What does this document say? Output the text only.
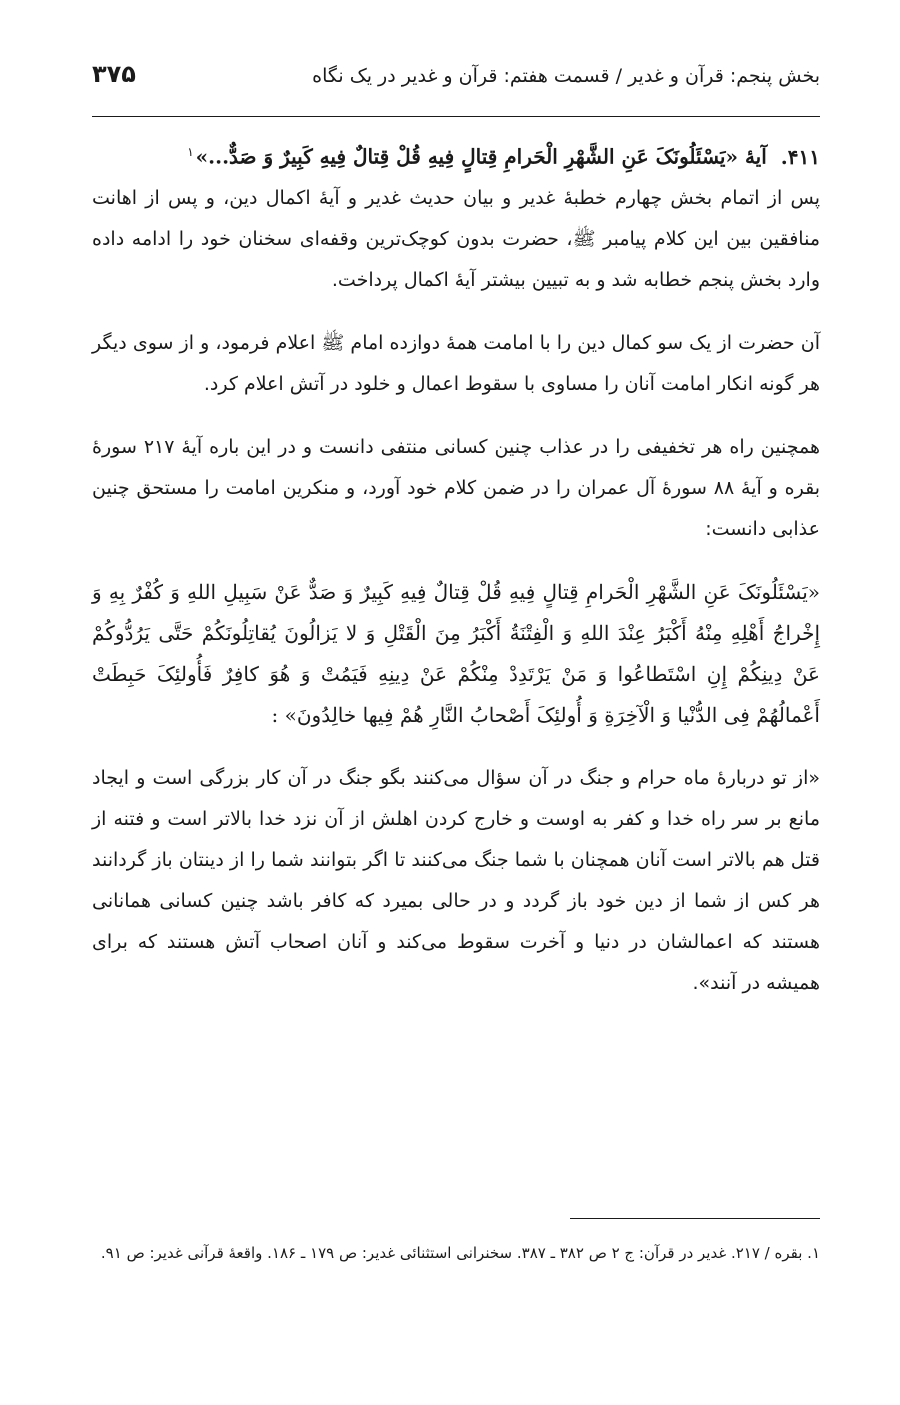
بخش پنجم: قرآن و غدیر / قسمت هفتم: قرآن و غدیر در یک نگاه
۳۷۵
۴۱۱.آیۀ «یَسْئَلُونَکَ عَنِ الشَّهْرِ الْحَرامِ قِتالٍ فِیهِ قُلْ قِتالٌ فِیهِ کَبِیرٌ وَ صَدٌّ...»$^۱$

پس از اتمام بخش چهارم خطبۀ غدیر و بیان حدیث غدیر و آیۀ اکمال دین، و پس از اهانت منافقین بین این کلام پیامبر ﷺ، حضرت بدون کوچک‌ترین وقفه‌ای سخنان خود را ادامه داده وارد بخش پنجم خطابه شد و به تبیین بیشتر آیۀ اکمال پرداخت.

آن حضرت از یک سو کمال دین را با امامت همۀ دوازده امام ﷺ اعلام فرمود، و از سوی دیگر هر گونه انکار امامت آنان را مساوی با سقوط اعمال و خلود در آتش اعلام کرد.

همچنین راه هر تخفیفی را در عذاب چنین کسانی منتفی دانست و در این باره آیۀ ۲۱۷ سورۀ بقره و آیۀ ۸۸ سورۀ آل عمران را در ضمن کلام خود آورد، و منکرین امامت را مستحق چنین عذابی دانست:

«یَسْئَلُونَکَ عَنِ الشَّهْرِ الْحَرامِ قِتالٍ فِیهِ قُلْ قِتالٌ فِیهِ کَبِیرٌ وَ صَدٌّ عَنْ سَبِیلِ اللهِ وَ کُفْرٌ بِهِ وَ إِخْراجُ أَهْلِهِ مِنْهُ أَکْبَرُ عِنْدَ اللهِ وَ الْفِتْنَةُ أَکْبَرُ مِنَ الْقَتْلِ وَ لا یَزالُونَ یُقاتِلُونَکُمْ حَتَّى یَرُدُّوکُمْ عَنْ دِینِکُمْ إِنِ اسْتَطاعُوا وَ مَنْ یَرْتَدِدْ مِنْکُمْ عَنْ دِینِهِ فَیَمُتْ وَ هُوَ کافِرٌ فَأُولئِکَ حَبِطَتْ أَعْمالُهُمْ فِی الدُّنْیا وَ الْآخِرَةِ وَ أُولئِکَ أَصْحابُ النَّارِ هُمْ فِیها خالِدُونَ» :

«از تو دربارۀ ماه حرام و جنگ در آن سؤال می‌کنند بگو جنگ در آن کار بزرگی است و ایجاد مانع بر سر راه خدا و کفر به اوست و خارج کردن اهلش از آن نزد خدا بالاتر است و فتنه از قتل هم بالاتر است آنان همچنان با شما جنگ می‌کنند تا اگر بتوانند شما را از دینتان باز گردانند هر کس از شما از دین خود باز گردد و در حالی بمیرد که کافر باشد چنین کسانی همانانی هستند که اعمالشان در دنیا و آخرت سقوط می‌کند و آنان اصحاب آتش هستند که برای همیشه در آنند».

۱. بقره / ۲۱۷. غدیر در قرآن: ج ۲ ص ۳۸۲ ـ ۳۸۷. سخنرانی استثنائی غدیر: ص ۱۷۹ ـ ۱۸۶. واقعۀ قرآنی غدیر: ص ۹۱.
